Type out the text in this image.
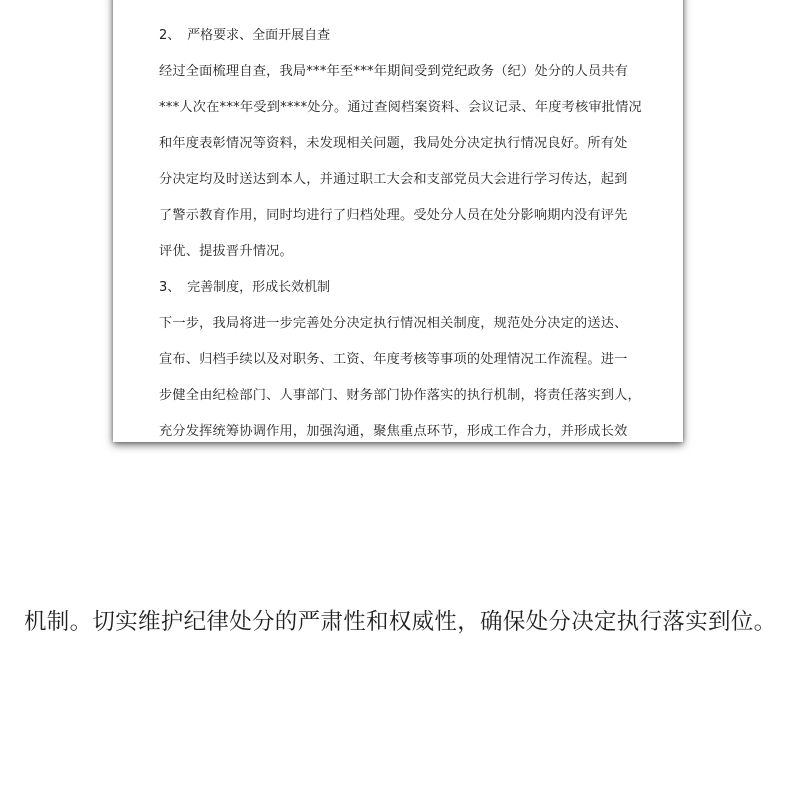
2、 严格要求、全面开展自查
经过全面梳理自查，我局***年至***年期间受到党纪政务（纪）处分的人员共有
***人次在***年受到****处分。通过查阅档案资料、会议记录、年度考核审批情况
和年度表彰情况等资料，未发现相关问题，我局处分决定执行情况良好。所有处
分决定均及时送达到本人，并通过职工大会和支部党员大会进行学习传达，起到
了警示教育作用，同时均进行了归档处理。受处分人员在处分影响期内没有评先
评优、提拔晋升情况。
3、 完善制度，形成长效机制
下一步，我局将进一步完善处分决定执行情况相关制度，规范处分决定的送达、
宣布、归档手续以及对职务、工资、年度考核等事项的处理情况工作流程。进一
步健全由纪检部门、人事部门、财务部门协作落实的执行机制，将责任落实到人，
充分发挥统筹协调作用，加强沟通，聚焦重点环节，形成工作合力，并形成长效
机制。切实维护纪律处分的严肃性和权威性，确保处分决定执行落实到位。
